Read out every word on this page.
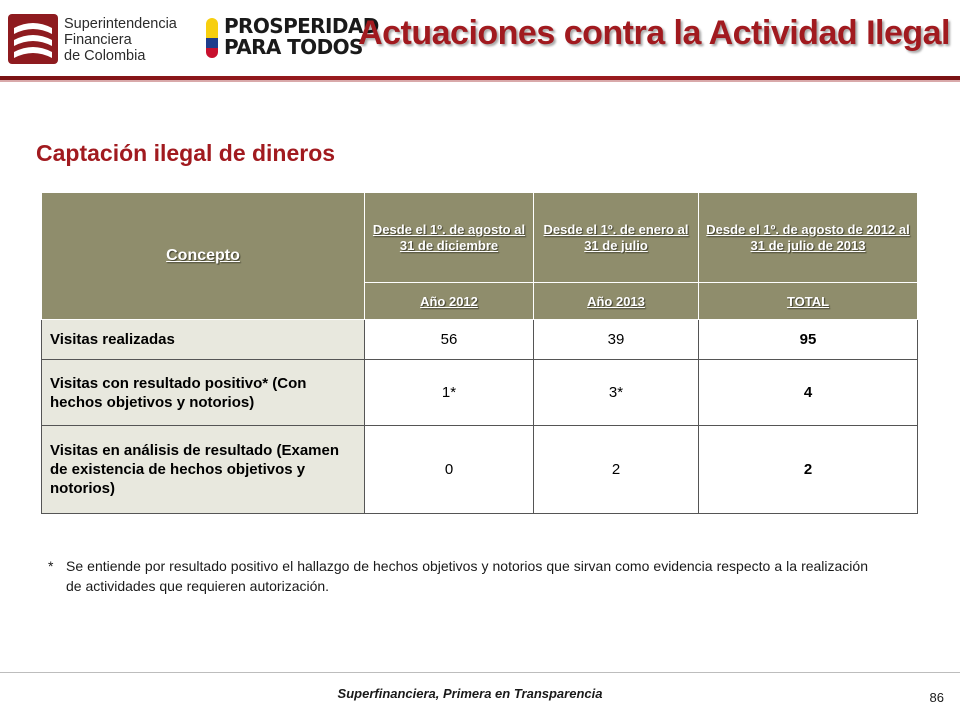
Superintendencia
Financiera
de Colombia
PROSPERIDAD
PARA TODOS
Actuaciones contra la Actividad Ilegal
Captación ilegal de dineros
Concepto	Desde el 1º. de agosto al 31 de diciembre	Desde el 1º. de enero al 31 de julio	Desde el 1º. de agosto de 2012 al 31 de julio de 2013
	Año 2012	Año 2013	TOTAL
Visitas realizadas	56	39	95
Visitas con resultado positivo* (Con hechos objetivos y notorios)	1*	3*	4
Visitas en análisis de resultado (Examen de existencia de hechos objetivos y notorios)	0	2	2
* Se entiende por resultado positivo el hallazgo de hechos objetivos y notorios que sirvan como evidencia respecto a la realización de actividades que requieren autorización.
Superfinanciera, Primera en Transparencia	86
